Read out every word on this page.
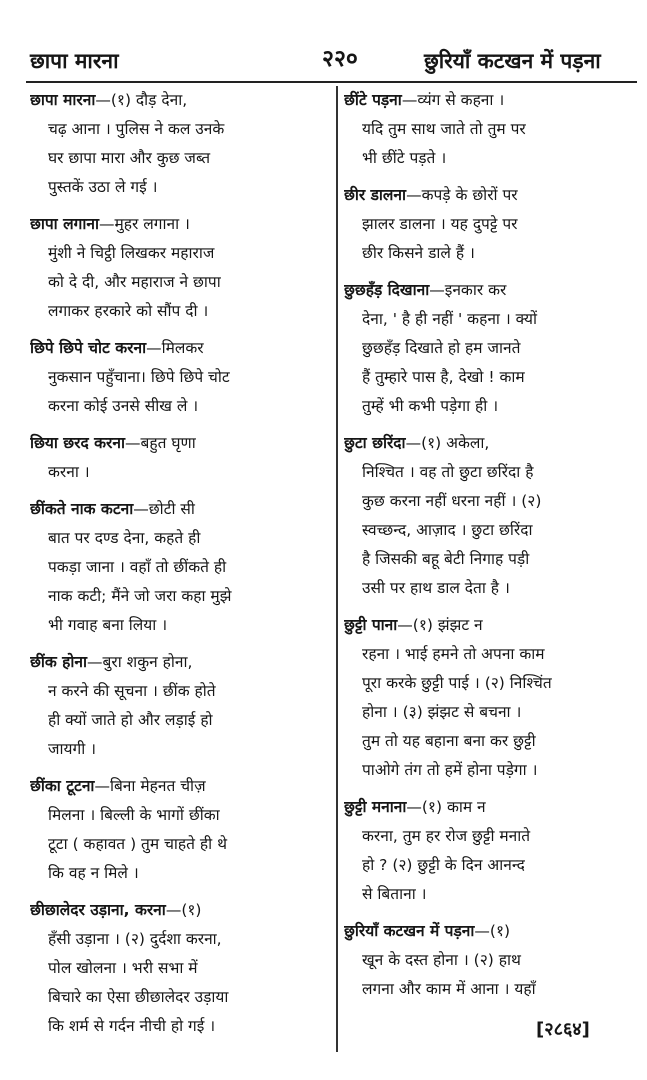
छापा मारना	२२०	छुरियाँ कटखन में पड़ना
छापा मारना—(१) दौड़ देना,
चढ़ आना । पुलिस ने कल उनके
घर छापा मारा और कुछ जब्त
पुस्तकें उठा ले गई ।
छापा लगाना—मुहर लगाना ।
मुंशी ने चिट्ठी लिखकर महाराज
को दे दी, और महाराज ने छापा
लगाकर हरकारे को सौंप दी ।
छिपे छिपे चोट करना—मिलकर
नुकसान पहुँचाना। छिपे छिपे चोट
करना कोई उनसे सीख ले ।
छिया छरद करना—बहुत घृणा
करना ।
छींकते नाक कटना—छोटी सी
बात पर दण्ड देना, कहते ही
पकड़ा जाना । वहाँ तो छींकते ही
नाक कटी; मैंने जो जरा कहा मुझे
भी गवाह बना लिया ।
छींक होना—बुरा शकुन होना,
न करने की सूचना । छींक होते
ही क्यों जाते हो और लड़ाई हो
जायगी ।
छींका टूटना—बिना मेहनत चीज़
मिलना । बिल्ली के भागों छींका
टूटा ( कहावत ) तुम चाहते ही थे
कि वह न मिले ।
छीछालेदर उड़ाना, करना—(१)
हँसी उड़ाना । (२) दुर्दशा करना,
पोल खोलना । भरी सभा में
बिचारे का ऐसा छीछालेदर उड़ाया
कि शर्म से गर्दन नीची हो गई ।
छींटे पड़ना—व्यंग से कहना ।
यदि तुम साथ जाते तो तुम पर
भी छींटे पड़ते ।
छीर डालना—कपड़े के छोरों पर
झालर डालना । यह दुपट्टे पर
छीर किसने डाले हैं ।
छुछहँड़ दिखाना—इनकार कर
देना, ' है ही नहीं ' कहना । क्यों
छुछहँड़ दिखाते हो हम जानते
हैं तुम्हारे पास है, देखो ! काम
तुम्हें भी कभी पड़ेगा ही ।
छुटा छरिंदा—(१) अकेला,
निश्चित । वह तो छुटा छरिंदा है
कुछ करना नहीं धरना नहीं । (२)
स्वच्छन्द, आज़ाद । छुटा छरिंदा
है जिसकी बहू बेटी निगाह पड़ी
उसी पर हाथ डाल देता है ।
छुट्टी पाना—(१) झंझट न
रहना । भाई हमने तो अपना काम
पूरा करके छुट्टी पाई । (२) निश्चिंत
होना । (३) झंझट से बचना ।
तुम तो यह बहाना बना कर छुट्टी
पाओगे तंग तो हमें होना पड़ेगा ।
छुट्टी मनाना—(१) काम न
करना, तुम हर रोज छुट्टी मनाते
हो ? (२) छुट्टी के दिन आनन्द
से बिताना ।
छुरियाँ कटखन में पड़ना—(१)
खून के दस्त होना । (२) हाथ
लगना और काम में आना । यहाँ
[२८६४]
